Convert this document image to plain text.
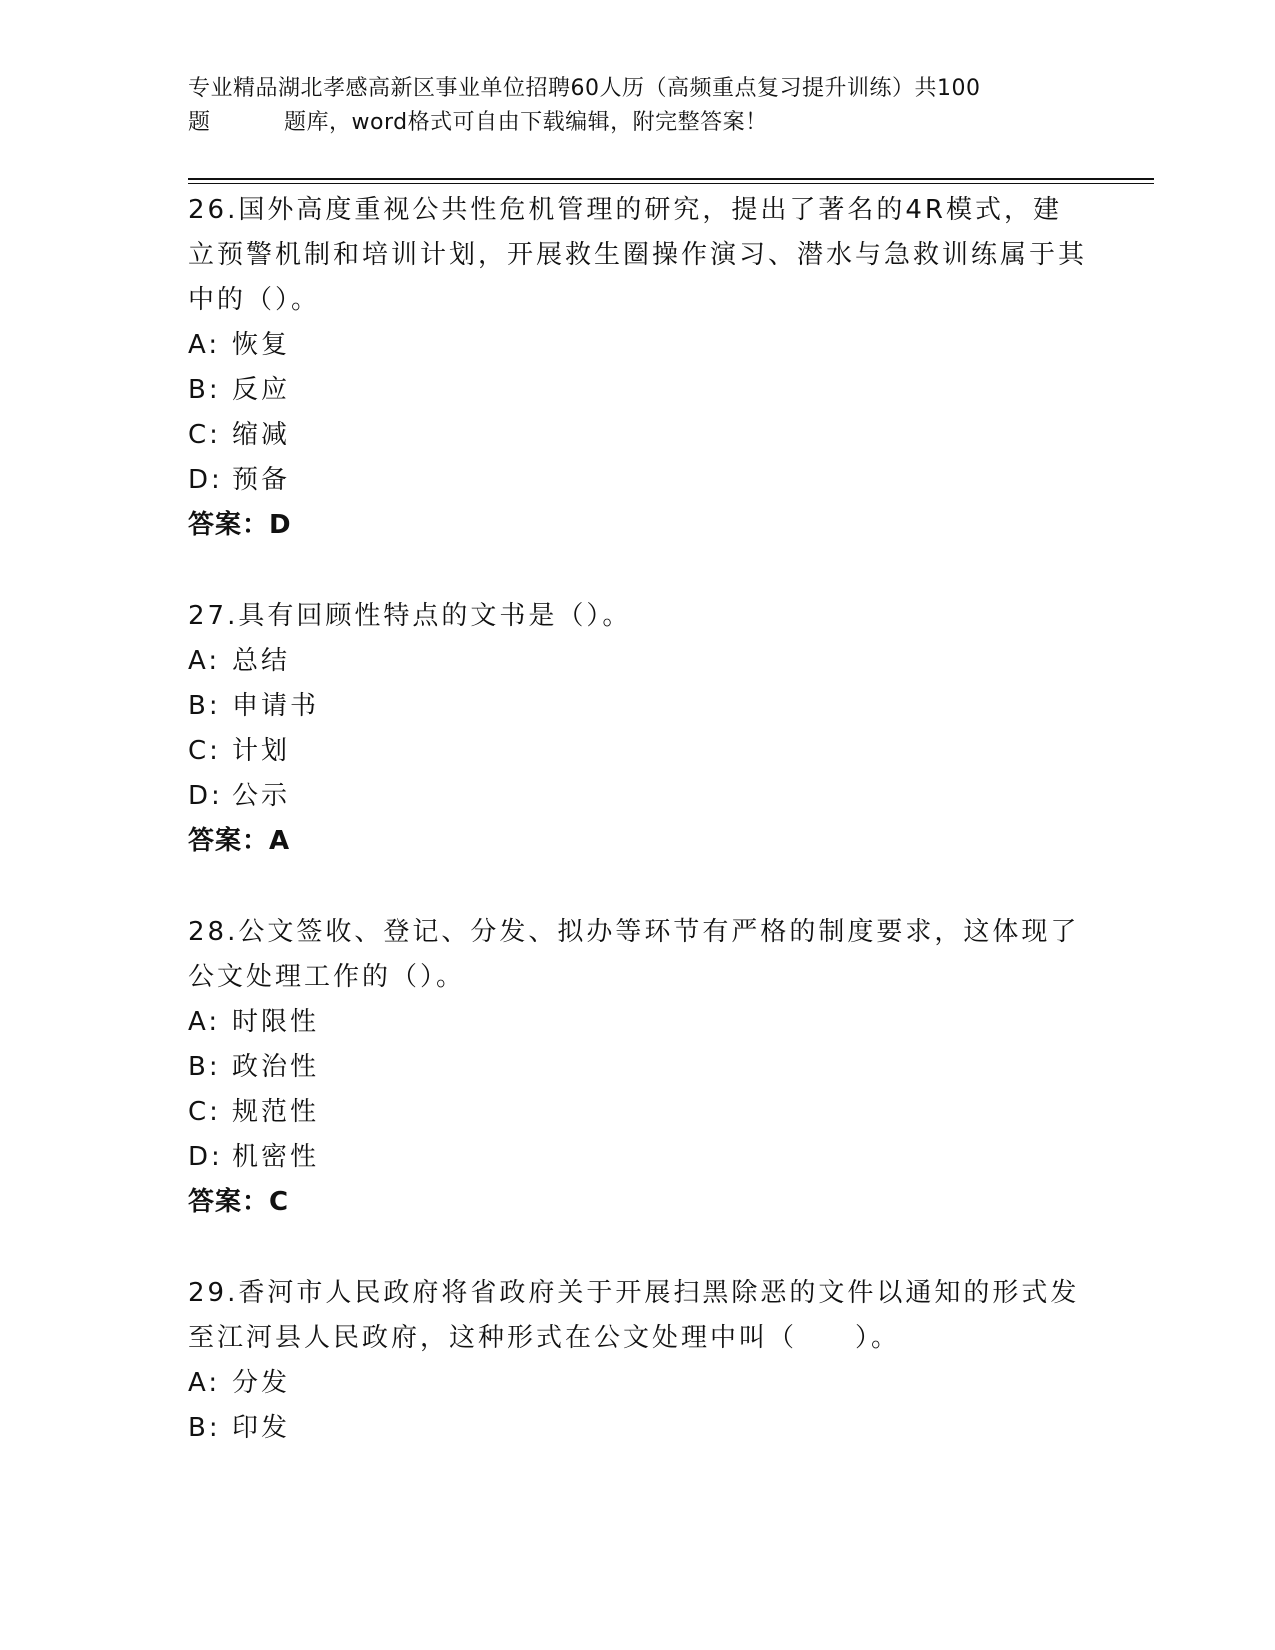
专业精品湖北孝感高新区事业单位招聘60人历（高频重点复习提升训练）共100
题	题库，word格式可自由下载编辑，附完整答案！

26.国外高度重视公共性危机管理的研究，提出了著名的4R模式，建立预警机制和培训计划，开展救生圈操作演习、潜水与急救训练属于其中的（）。

A: 恢复

B: 反应

C: 缩减

D: 预备

答案：D

27.具有回顾性特点的文书是（）。

A: 总结

B: 申请书

C: 计划

D: 公示

答案：A

28.公文签收、登记、分发、拟办等环节有严格的制度要求，这体现了公文处理工作的（）。

A: 时限性

B: 政治性

C: 规范性

D: 机密性

答案：C

29.香河市人民政府将省政府关于开展扫黑除恶的文件以通知的形式发至江河县人民政府，这种形式在公文处理中叫（　　）。

A: 分发

B: 印发
